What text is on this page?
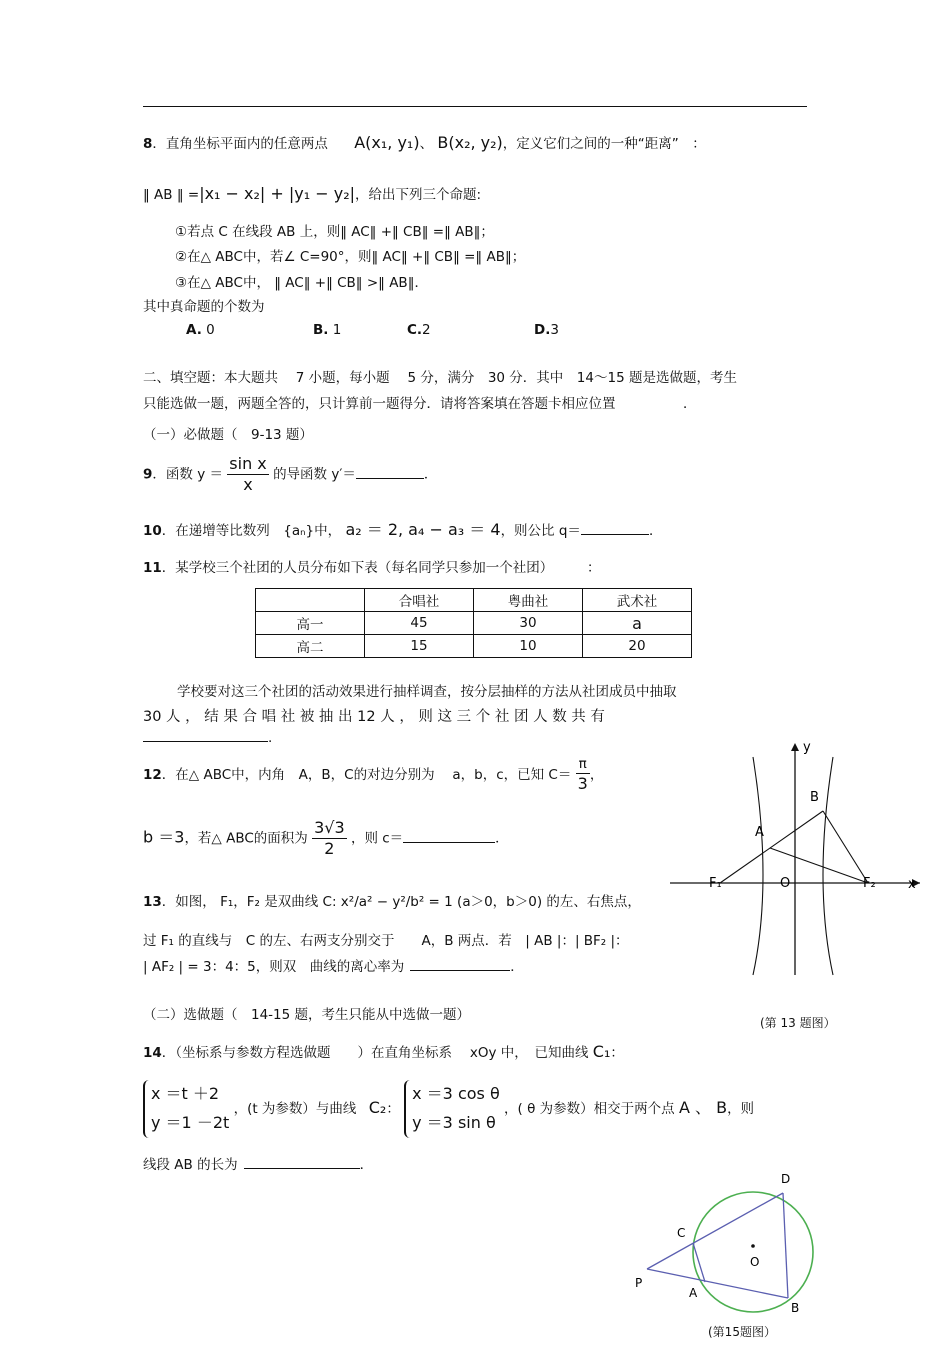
8．直角坐标平面内的任意两点 A(x₁, y₁)、 B(x₂, y₂)，定义它们之间的一种“距离”　：
‖ AB ‖ =|x₁ − x₂| + |y₁ − y₂|，给出下列三个命题:
①若点 C 在线段 AB 上，则‖ AC‖ +‖ CB‖ =‖ AB‖；
②在△ ABC中，若∠ C=90°，则‖ AC‖ +‖ CB‖ =‖ AB‖；
③在△ ABC中， ‖ AC‖ +‖ CB‖ >‖ AB‖．
其中真命题的个数为
A. 0	B. 1	C.2	D.3
二、填空题：本大题共　 7 小题，每小题　 5 分，满分　30 分．其中　14～15 题是选做题，考生
只能选做一题，两题全答的，只计算前一题得分．请将答案填在答题卡相应位置　　　　　．
（一）必做题（　9-13 题）
9．函数 $y = \frac{\text{sin x}}{x}$ 的导函数 y′＝	．
10．在递增等比数列　{aₙ}中， a₂ ＝ 2, a₄ − a₃ ＝ 4，则公比 q＝	．
11．某学校三个社团的人员分布如下表（每名同学只参加一个社团）　　　：
	合唱社	粤曲社	武术社
高一	45	30	a
高二	15	10	20
学校要对这三个社团的活动效果进行抽样调查，按分层抽样的方法从社团成员中抽取
30 人 ， 结 果 合 唱 社 被 抽 出 12 人 ， 则 这 三 个 社 团 人 数 共 有
.
12．在△ ABC中，内角　A，B，C的对边分别为　 a，b，c，已知 $C= \frac{\pi}{3}$ ，
b ＝3，若△ ABC的面积为 $\frac{3√3}{2}$ ，则 c＝	．
13．如图， F₁，F₂ 是双曲线 C: x²/a² − y²/b² = 1 (a＞0，b＞0) 的左、右焦点，
过 F₁ 的直线与　C 的左、右两支分别交于　　A，B 两点．若　| AB |：| BF₂ |：
| AF₂ | = 3：4：5，则双　曲线的离心率为	．
y
x
B
A
F₁	O	F₂
(第 13 题图）
（二）选做题（　14-15 题，考生只能从中选做一题）
14．（坐标系与参数方程选做题　　）在直角坐标系　 xOy 中，　已知曲线 C₁：
x ＝t ＋2
y ＝1 －2t
，(t 为参数）与曲线 C₂：
x ＝3 cos θ
y ＝3 sin θ
，( θ 为参数）相交于两个点 A 、 B，则
线段 AB 的长为	．
D
C
O
P
A
B
(第15题图）
